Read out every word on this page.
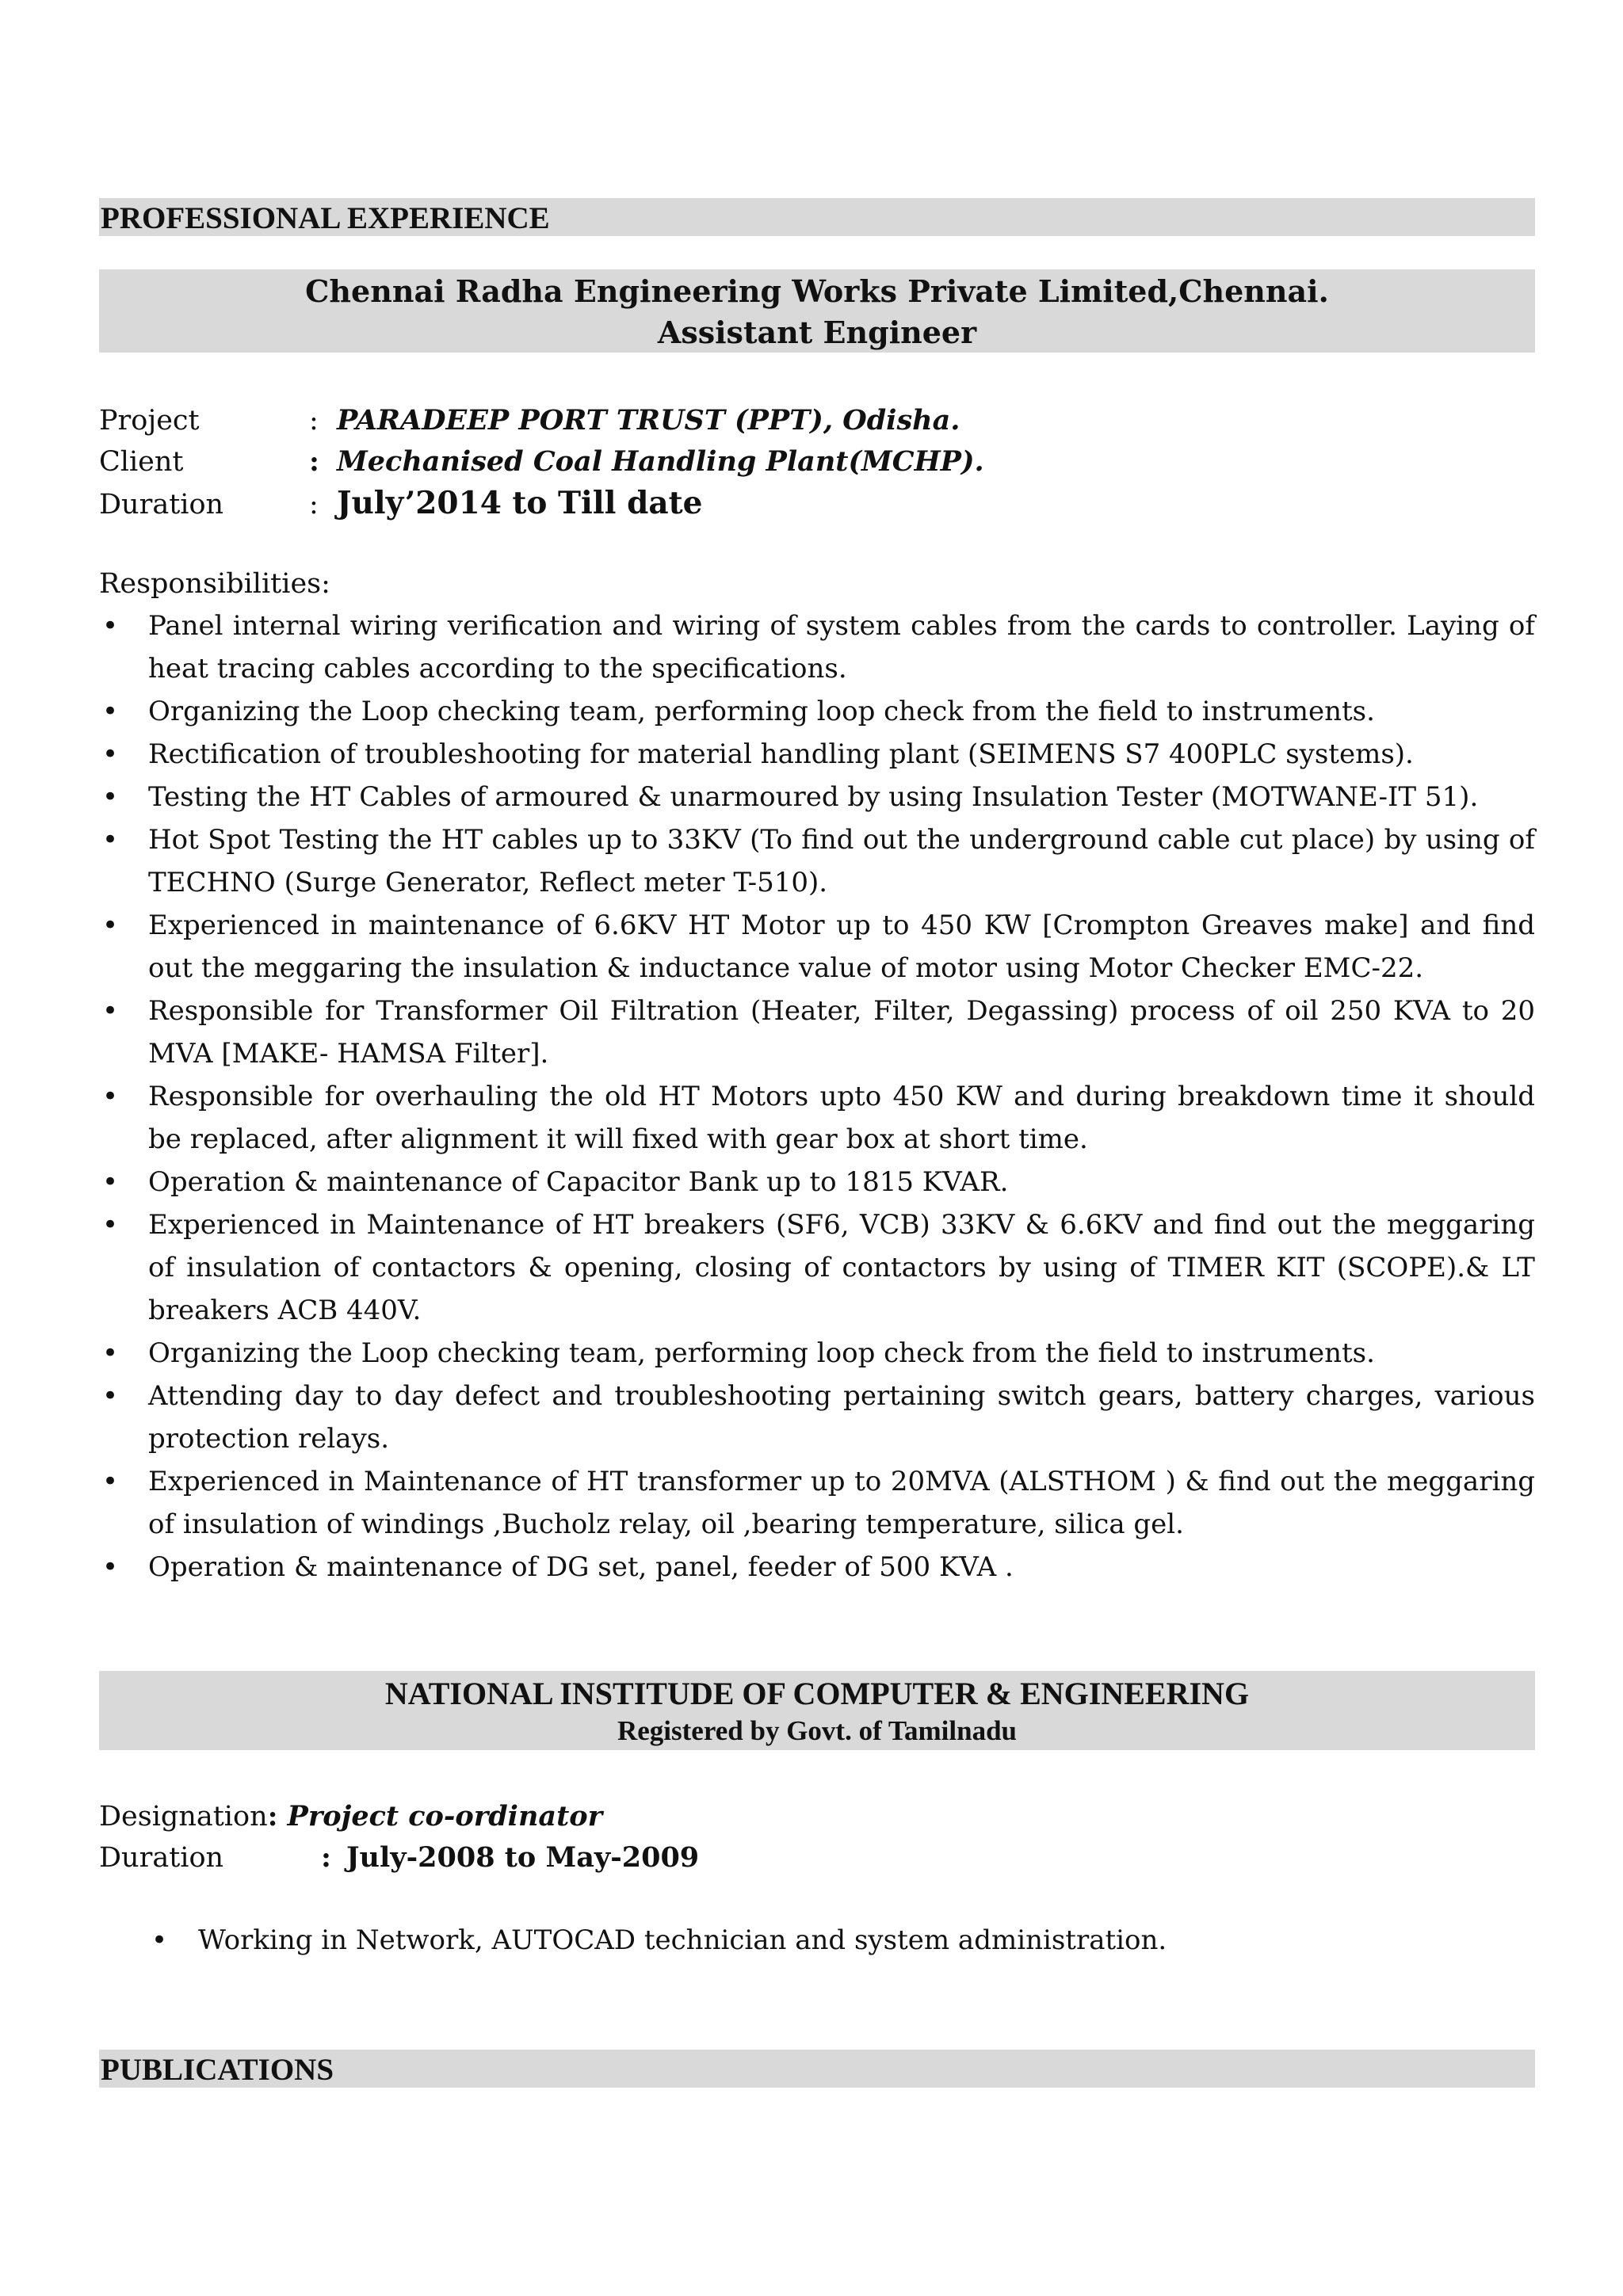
PROFESSIONAL EXPERIENCE
Chennai Radha Engineering Works Private Limited,Chennai.
Assistant Engineer
Project	: PARADEEP PORT TRUST (PPT), Odisha.
Client	: Mechanised Coal Handling Plant(MCHP).
Duration	: July’2014 to Till date
Responsibilities:
• Panel internal wiring verification and wiring of system cables from the cards to controller. Laying of heat tracing cables according to the specifications.
• Organizing the Loop checking team, performing loop check from the field to instruments.
• Rectification of troubleshooting for material handling plant (SEIMENS S7 400PLC systems).
• Testing the HT Cables of armoured & unarmoured by using Insulation Tester (MOTWANE-IT 51).
• Hot Spot Testing the HT cables up to 33KV (To find out the underground cable cut place) by using of TECHNO (Surge Generator, Reflect meter T-510).
• Experienced in maintenance of 6.6KV HT Motor up to 450 KW [Crompton Greaves make] and find out the meggaring the insulation & inductance value of motor using Motor Checker EMC-22.
• Responsible for Transformer Oil Filtration (Heater, Filter, Degassing) process of oil 250 KVA to 20 MVA [MAKE- HAMSA Filter].
• Responsible for overhauling the old HT Motors upto 450 KW and during breakdown time it should be replaced, after alignment it will fixed with gear box at short time.
• Operation & maintenance of Capacitor Bank up to 1815 KVAR.
• Experienced in Maintenance of HT breakers (SF6, VCB) 33KV & 6.6KV and find out the meggaring of insulation of contactors & opening, closing of contactors by using of TIMER KIT (SCOPE).& LT breakers ACB 440V.
• Organizing the Loop checking team, performing loop check from the field to instruments.
• Attending day to day defect and troubleshooting pertaining switch gears, battery charges, various protection relays.
• Experienced in Maintenance of HT transformer up to 20MVA (ALSTHOM ) & find out the meggaring of insulation of windings ,Bucholz relay, oil ,bearing temperature, silica gel.
• Operation & maintenance of DG set, panel, feeder of 500 KVA .
NATIONAL INSTITUDE OF COMPUTER & ENGINEERING
Registered by Govt. of Tamilnadu
Designation : Project co-ordinator
Duration	: July-2008 to May-2009
• Working in Network, AUTOCAD technician and system administration.
PUBLICATIONS
